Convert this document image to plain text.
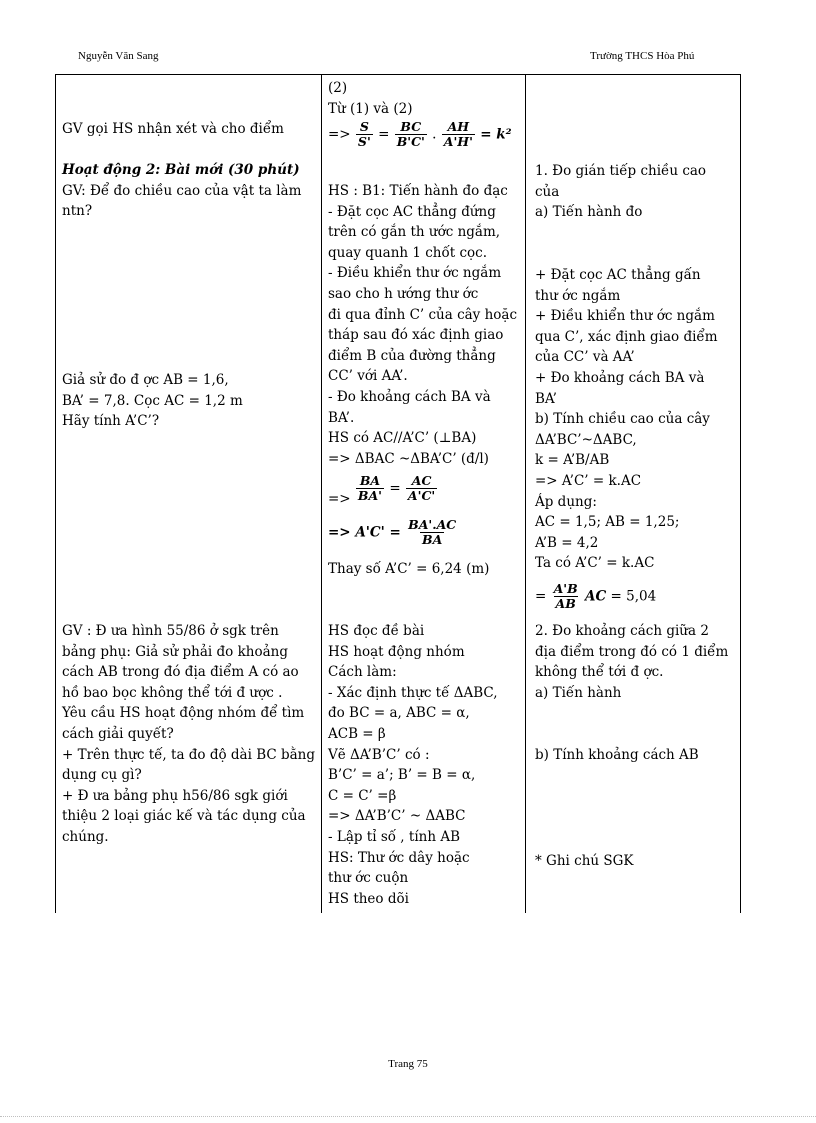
Nguyễn Văn Sang	Trường THCS Hòa Phú

GV gọi HS nhận xét và cho điểm

Hoạt động 2: Bài mới (30 phút)

GV: Để đo chiều cao của vật ta làm

ntn?

Giả sử đo đ ợc AB = 1,6,

BA’ = 7,8. Cọc AC = 1,2 m

Hãy tính A’C’?

GV : Đ ưa hình 55/86 ở sgk trên

bảng phụ: Giả sử phải đo khoảng

cách AB trong đó địa điểm A có ao

hồ bao bọc không thể tới đ ược .

Yêu cầu HS hoạt động nhóm để tìm

cách giải quyết?

+ Trên thực tế, ta đo độ dài BC bằng

dụng cụ gì?

+ Đ ưa bảng phụ h56/86 sgk giới

thiệu 2 loại giác kế và tác dụng của

chúng.

(2)

Từ (1) và (2)

=> $\frac{S}{S'} = \frac{BC}{B'C'}$ . $\frac{AH}{A'H'} = k^2$

HS : B1: Tiến hành đo đạc

- Đặt cọc AC thẳng đứng

trên có gắn th ước ngắm,

quay quanh 1 chốt cọc.

- Điều khiển thư ớc ngắm

sao cho h ướng thư ớc

đi qua đỉnh C’ của cây hoặc

tháp sau đó xác định giao

điểm B của đường thẳng

CC’ với AA’.

- Đo khoảng cách BA và

BA’.

HS có AC//A’C’ (⊥BA)

=> ΔBAC ~ΔBA’C’ (đ/l)

=> $\frac{BA}{BA'} = \frac{AC}{A'C'}$
=> $A'C' = \frac{BA'.AC}{BA}$

Thay số A’C’ = 6,24 (m)

HS đọc đề bài

HS hoạt động nhóm

Cách làm:

- Xác định thực tế ΔABC,

đo BC = a, ABC = α,

ACB = β

Vẽ ΔA’B’C’ có :

B’C’ = a’; B’ = B = α,

C = C’ =β

=> ΔA’B’C’ ~ ΔABC

- Lập tỉ số , tính AB

HS: Thư ớc dây hoặc

thư ớc cuộn

HS theo dõi

1. Đo gián tiếp chiều cao

của

a) Tiến hành đo

+ Đặt cọc AC thẳng gấn

thư ớc ngắm

+ Điều khiển thư ớc ngắm

qua C’, xác định giao điểm

của CC’ và AA’

+ Đo khoảng cách BA và

BA’

b) Tính chiều cao của cây

ΔA’BC’~ΔABC,

k = A’B/AB

=> A’C’ = k.AC

Áp dụng:

AC = 1,5; AB = 1,25;

A’B = 4,2

Ta có A’C’ = k.AC

= $\frac{A'B}{AB}$ AC = 5,04

2. Đo khoảng cách giữa 2

địa điểm trong đó có 1 điểm

không thể tới đ ợc.

a) Tiến hành

b) Tính khoảng cách AB

* Ghi chú SGK

Trang 75
